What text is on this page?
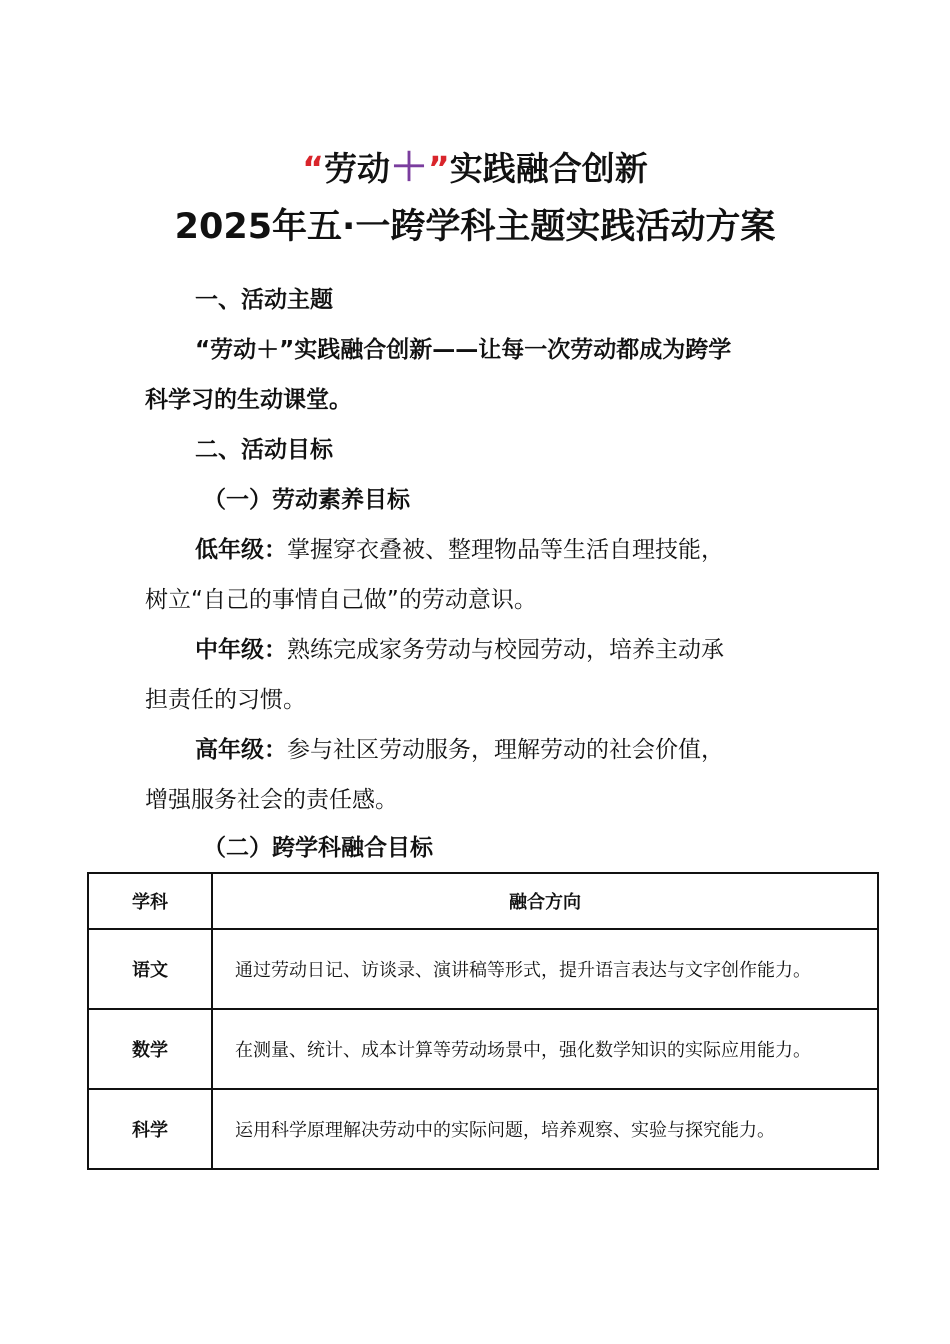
“劳动＋”实践融合创新
2025年五·一跨学科主题实践活动方案
一、活动主题
“劳动＋”实践融合创新——让每一次劳动都成为跨学
科学习的生动课堂。
二、活动目标
（一）劳动素养目标
低年级：掌握穿衣叠被、整理物品等生活自理技能，
树立“自己的事情自己做”的劳动意识。
中年级：熟练完成家务劳动与校园劳动，培养主动承
担责任的习惯。
高年级：参与社区劳动服务，理解劳动的社会价值，
增强服务社会的责任感。
（二）跨学科融合目标
学科	融合方向
语文	通过劳动日记、访谈录、演讲稿等形式，提升语言表达与文字创作能力。
数学	在测量、统计、成本计算等劳动场景中，强化数学知识的实际应用能力。
科学	运用科学原理解决劳动中的实际问题，培养观察、实验与探究能力。
